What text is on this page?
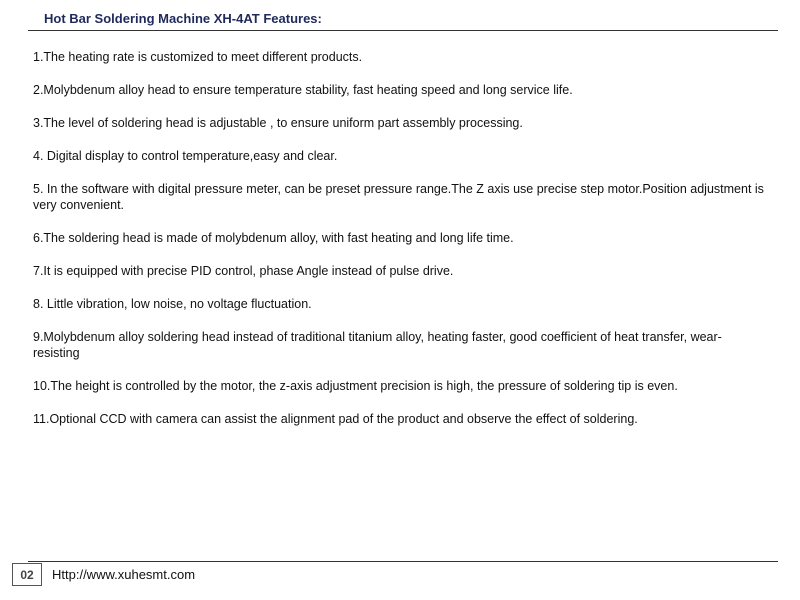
Hot Bar Soldering Machine XH-4AT Features:
1.The heating rate is customized to meet different products.
2.Molybdenum alloy head to ensure temperature stability, fast heating speed and long service life.
3.The level of soldering head is adjustable , to ensure uniform part assembly processing.
4. Digital display to control temperature,easy and clear.
5. In the software with digital pressure meter, can be preset pressure range.The Z axis use precise step motor.Position adjustment is very convenient.
6.The soldering head is made of molybdenum alloy, with fast heating and long life time.
7.It is equipped with precise PID control, phase Angle instead of pulse drive.
8. Little vibration, low noise, no voltage fluctuation.
9.Molybdenum alloy soldering head instead of traditional titanium alloy, heating faster, good coefficient of heat transfer, wear-resisting
10.The height is controlled by the motor, the z-axis adjustment precision is high, the pressure of soldering tip is even.
11.Optional CCD with camera can assist the alignment pad of the product and observe the effect of soldering.
02	Http://www.xuhesmt.com
